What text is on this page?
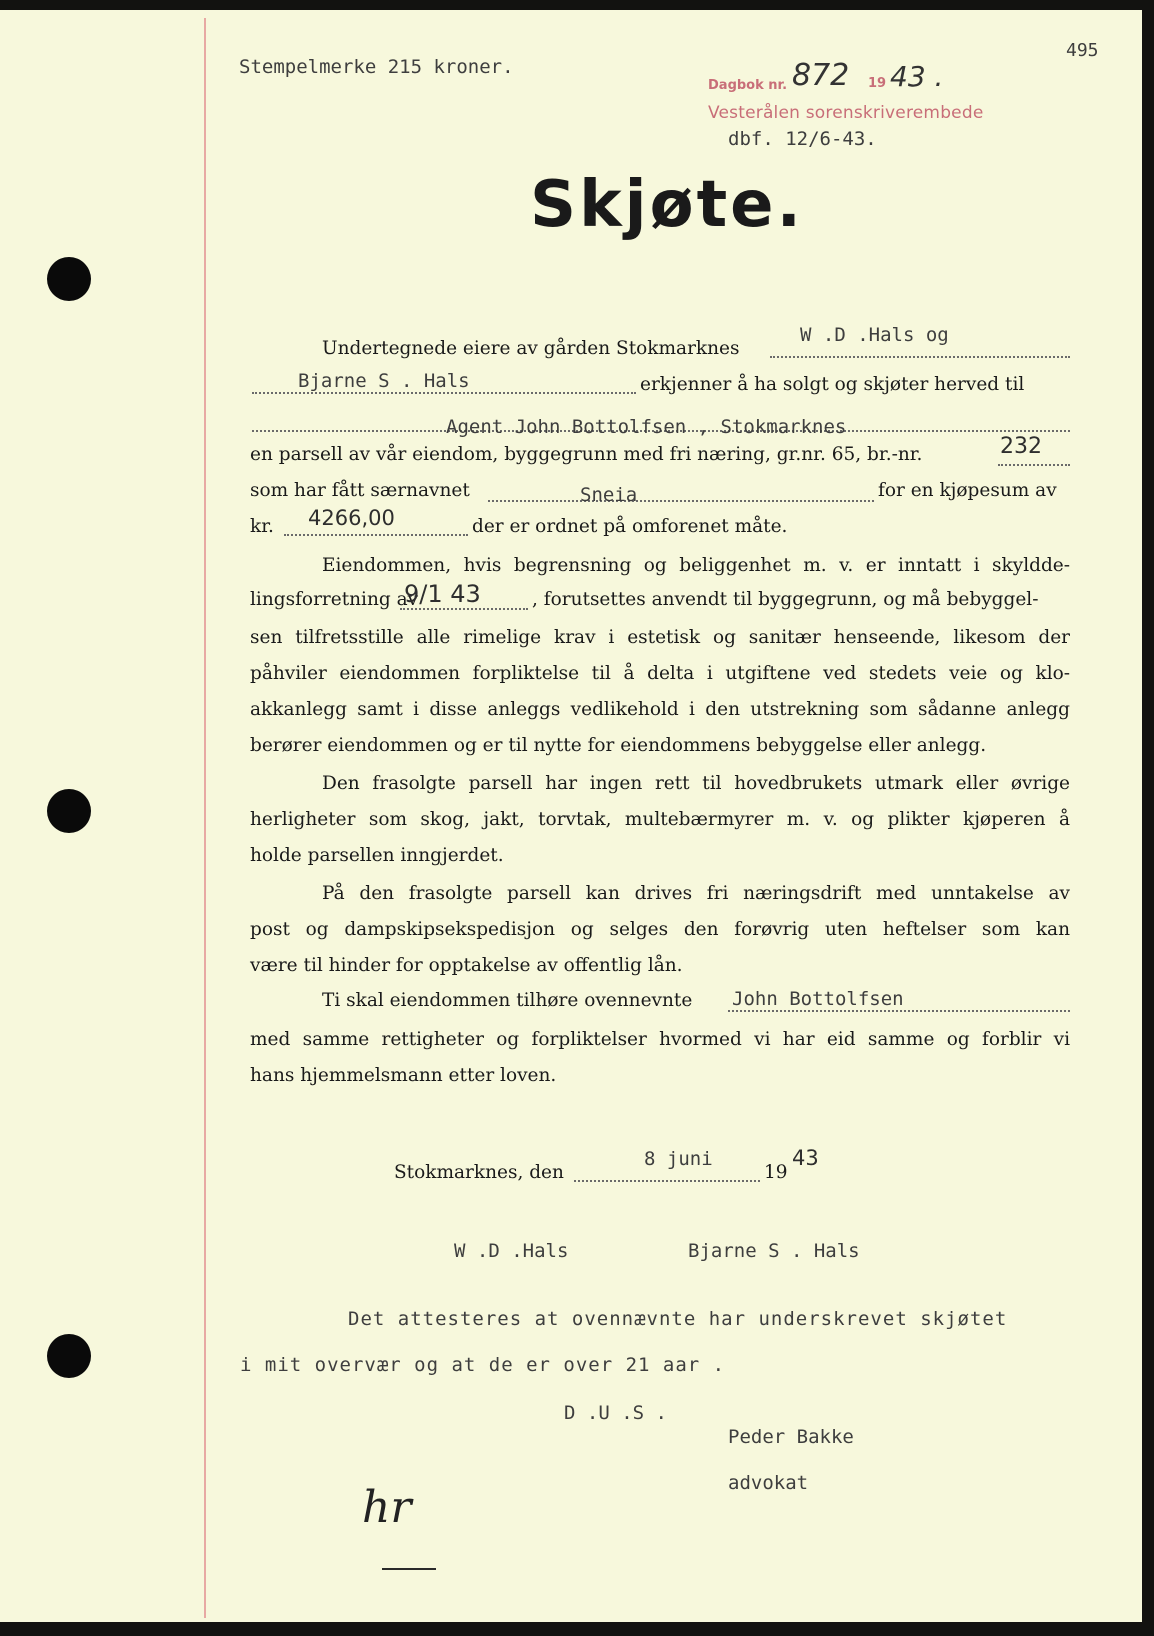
Stempelmerke 215 kroner.
495
Dagbok nr. 872 19 43 .
Vesterålen sorenskriverembede
dbf. 12/6-43.
Skjøte.
Undertegnede eiere av gården Stokmarknes
W .D .Hals og
Bjarne S . Hals	erkjenner å ha solgt og skjøter herved til
Agent John Bottolfsen , Stokmarknes
en parsell av vår eiendom, byggegrunn med fri næring, gr.nr. 65, br.-nr.	232
som har fått særnavnet	Sneia	for en kjøpesum av
kr. 4266,00	der er ordnet på omforenet måte.
Eiendommen, hvis begrensning og beliggenhet m. v. er inntatt i skyldde-
lingsforretning av
9/1 43	, forutsettes anvendt til byggegrunn, og må bebyggel-
sen tilfretsstille alle rimelige krav i estetisk og sanitær henseende, likesom der
påhviler eiendommen forpliktelse til å delta i utgiftene ved stedets veie og klo-
akkanlegg samt i disse anleggs vedlikehold i den utstrekning som sådanne anlegg
berører eiendommen og er til nytte for eiendommens bebyggelse eller anlegg.
Den frasolgte parsell har ingen rett til hovedbrukets utmark eller øvrige
herligheter som skog, jakt, torvtak, multebærmyrer m. v. og plikter kjøperen å
holde parsellen inngjerdet.
På den frasolgte parsell kan drives fri næringsdrift med unntakelse av
post og dampskipsekspedisjon og selges den forøvrig uten heftelser som kan
være til hinder for opptakelse av offentlig lån.
Ti skal eiendommen tilhøre ovennevnte John Bottolfsen
med samme rettigheter og forpliktelser hvormed vi har eid samme og forblir vi
hans hjemmelsmann etter loven.
Stokmarknes, den
8 juni
19
43
W .D .Hals	Bjarne S . Hals
Det attesteres at ovennævnte har underskrevet skjøtet
i mit overvær og at de er over 21 aar .
D .U .S .
Peder Bakke
advokat
hr
